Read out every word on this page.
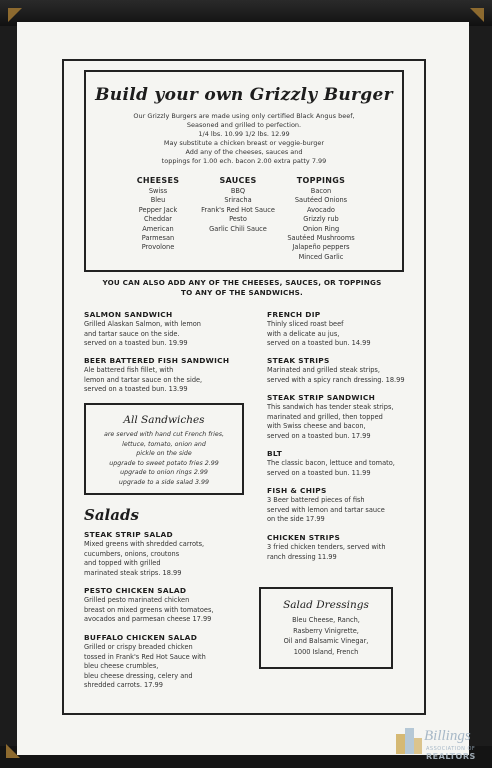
Build your own Grizzly Burger
Our Grizzly Burgers are made using only certified Black Angus beef,
Seasoned and grilled to perfection.
1/4 lbs. 10.99 1/2 lbs. 12.99
May substitute a chicken breast or veggie-burger
Add any of the cheeses, sauces and
toppings for 1.00 ech. bacon 2.00 extra patty 7.99
CHEESES
Swiss
Bleu
Pepper Jack
Cheddar
American
Parmesan
Provolone
SAUCES
BBQ
Sriracha
Frank's Red Hot Sauce
Pesto
Garlic Chili Sauce
TOPPINGS
Bacon
Sautéed Onions
Avocado
Grizzly rub
Onion Ring
Sautéed Mushrooms
Jalapeño peppers
Minced Garlic
YOU CAN ALSO ADD ANY OF THE CHEESES, SAUCES, OR TOPPINGS
TO ANY OF THE SANDWICHS.
SALMON SANDWICH
Grilled Alaskan Salmon, with lemon
and tartar sauce on the side.
served on a toasted bun. 19.99
BEER BATTERED FISH SANDWICH
Ale battered fish fillet, with
lemon and tartar sauce on the side,
served on a toasted bun. 13.99
All Sandwiches
are served with hand cut French fries,
lettuce, tomato, onion and
pickle on the side
upgrade to sweet potato fries 2.99
upgrade to onion rings 2.99
upgrade to a side salad 3.99
Salads
STEAK STRIP SALAD
Mixed greens with shredded carrots,
cucumbers, onions, croutons
and topped with grilled
marinated steak strips. 18.99
PESTO CHICKEN SALAD
Grilled pesto marinated chicken
breast on mixed greens with tomatoes,
avocados and parmesan cheese 17.99
BUFFALO CHICKEN SALAD
Grilled or crispy breaded chicken
tossed in Frank's Red Hot Sauce with
bleu cheese crumbles,
bleu cheese dressing, celery and
shredded carrots. 17.99
FRENCH DIP
Thinly sliced roast beef
with a delicate au jus,
served on a toasted bun. 14.99
STEAK STRIPS
Marinated and grilled steak strips,
served with a spicy ranch dressing. 18.99
STEAK STRIP SANDWICH
This sandwich has tender steak strips,
marinated and grilled, then topped
with Swiss cheese and bacon,
served on a toasted bun. 17.99
BLT
The classic bacon, lettuce and tomato,
served on a toasted bun. 11.99
FISH & CHIPS
3 Beer battered pieces of fish
served with lemon and tartar sauce
on the side 17.99
CHICKEN STRIPS
3 fried chicken tenders, served with
ranch dressing 11.99
Salad Dressings
Bleu Cheese, Ranch,
Rasberry Vinigrette,
Oil and Balsamic Vinegar,
1000 Island, French
Billings
ASSOCIATION OF
REALTORS
